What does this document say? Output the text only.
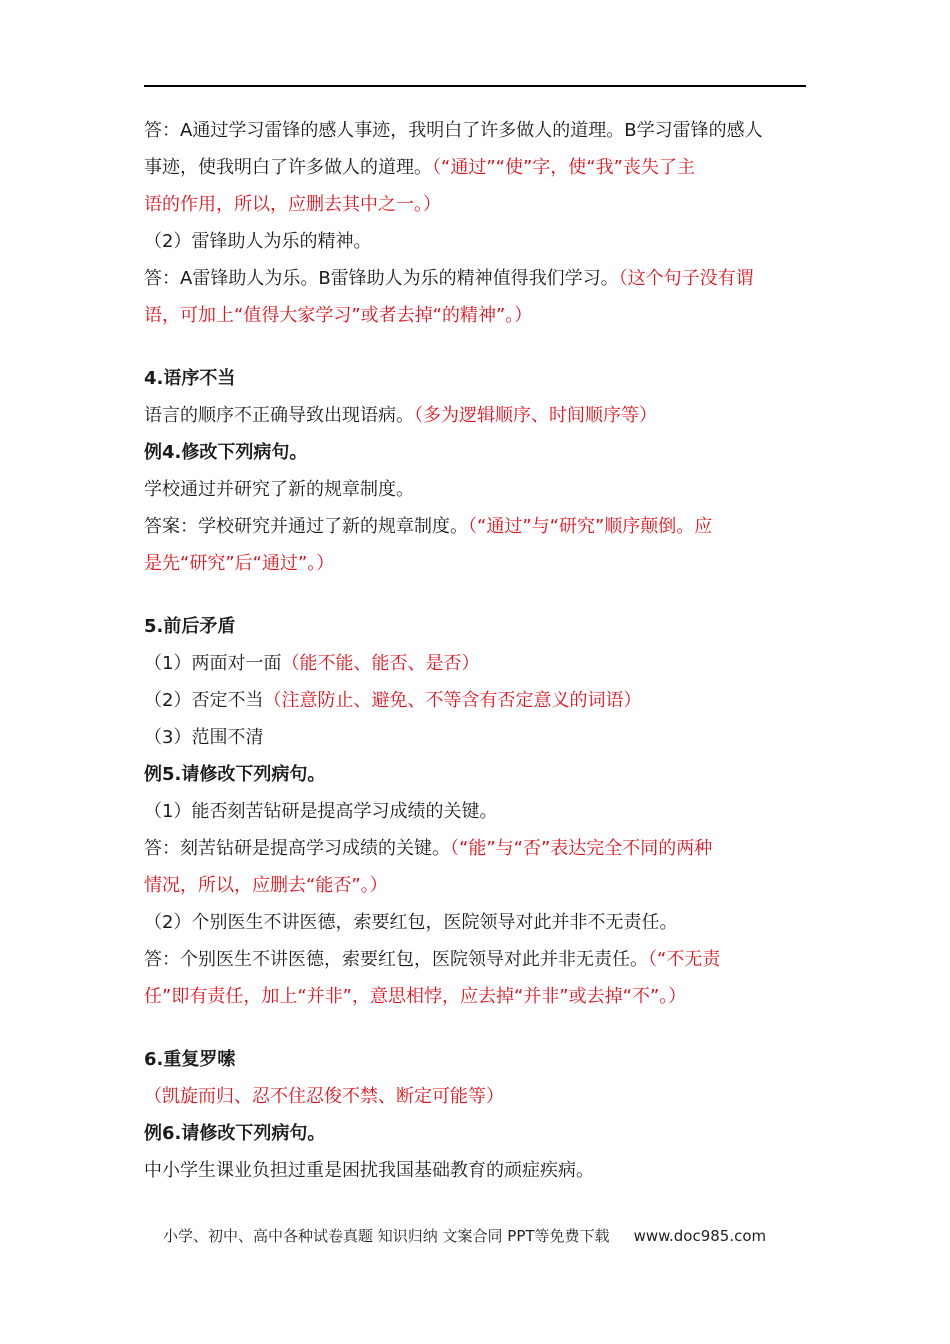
答：A通过学习雷锋的感人事迹，我明白了许多做人的道理。B学习雷锋的感人

事迹，使我明白了许多做人的道理。（“通过”“使”字，使“我”丧失了主

语的作用，所以，应删去其中之一。）

（2）雷锋助人为乐的精神。

答：A雷锋助人为乐。B雷锋助人为乐的精神值得我们学习。（这个句子没有谓

语，可加上“值得大家学习”或者去掉“的精神”。）

4.语序不当

语言的顺序不正确导致出现语病。（多为逻辑顺序、时间顺序等）

例4.修改下列病句。

学校通过并研究了新的规章制度。

答案：学校研究并通过了新的规章制度。（“通过”与“研究”顺序颠倒。应

是先“研究”后“通过”。）

5.前后矛盾

（1）两面对一面（能不能、能否、是否）

（2）否定不当（注意防止、避免、不等含有否定意义的词语）

（3）范围不清

例5.请修改下列病句。

（1）能否刻苦钻研是提高学习成绩的关键。

答：刻苦钻研是提高学习成绩的关键。（“能”与“否”表达完全不同的两种

情况，所以，应删去“能否”。）

（2）个别医生不讲医德，索要红包，医院领导对此并非不无责任。

答：个别医生不讲医德，索要红包，医院领导对此并非无责任。（“不无责

任”即有责任，加上“并非”，意思相悖，应去掉“并非”或去掉“不”。）

6.重复罗嗦

（凯旋而归、忍不住忍俊不禁、断定可能等）

例6.请修改下列病句。

中小学生课业负担过重是困扰我国基础教育的顽症疾病。

小学、初中、高中各种试卷真题 知识归纳 文案合同 PPT等免费下载 www.doc985.com
